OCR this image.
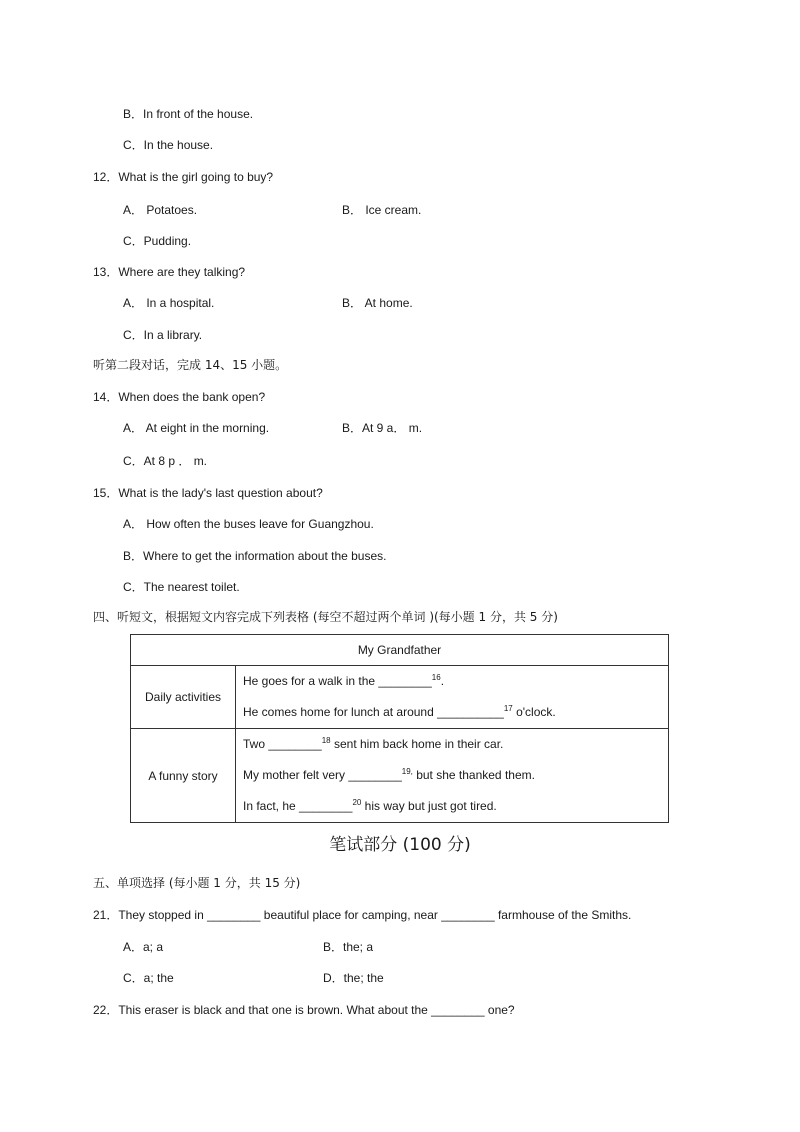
B．In front of the house.
C．In the house.
12．What is the girl going to buy?
A． Potatoes.	B． Ice cream.
C．Pudding.
13．Where are they talking?
A． In a hospital.	B． At home.
C．In a library.
听第二段对话，完成 14、15 小题。
14．When does the bank open?
A． At eight in the morning.	B．At 9 a． m.
C．At 8 p ． m.
15．What is the lady's last question about?
A． How often the buses leave for Guangzhou.
B．Where to get the information about the buses.
C．The nearest toilet.
四、听短文，根据短文内容完成下列表格 (每空不超过两个单词 )(每小题 1 分，共 5 分)
My Grandfather	
Daily activities	He goes for a walk in the ________$^{16}$.
He comes home for lunch at around __________$^{17}$ o'clock.

A funny story	Two ________$^{18}$ sent him back home in their car.
My mother felt very ________$^{19,}$ but she thanked them.
In fact, he ________$^{20}$ his way but just got tired.
笔试部分 (100 分)
五、单项选择 (每小题 1 分，共 15 分)
21．They stopped in ________ beautiful place for camping, near ________ farmhouse of the Smiths.
A．a; a	B．the; a
C．a; the	D．the; the
22．This eraser is black and that one is brown. What about the ________ one?
